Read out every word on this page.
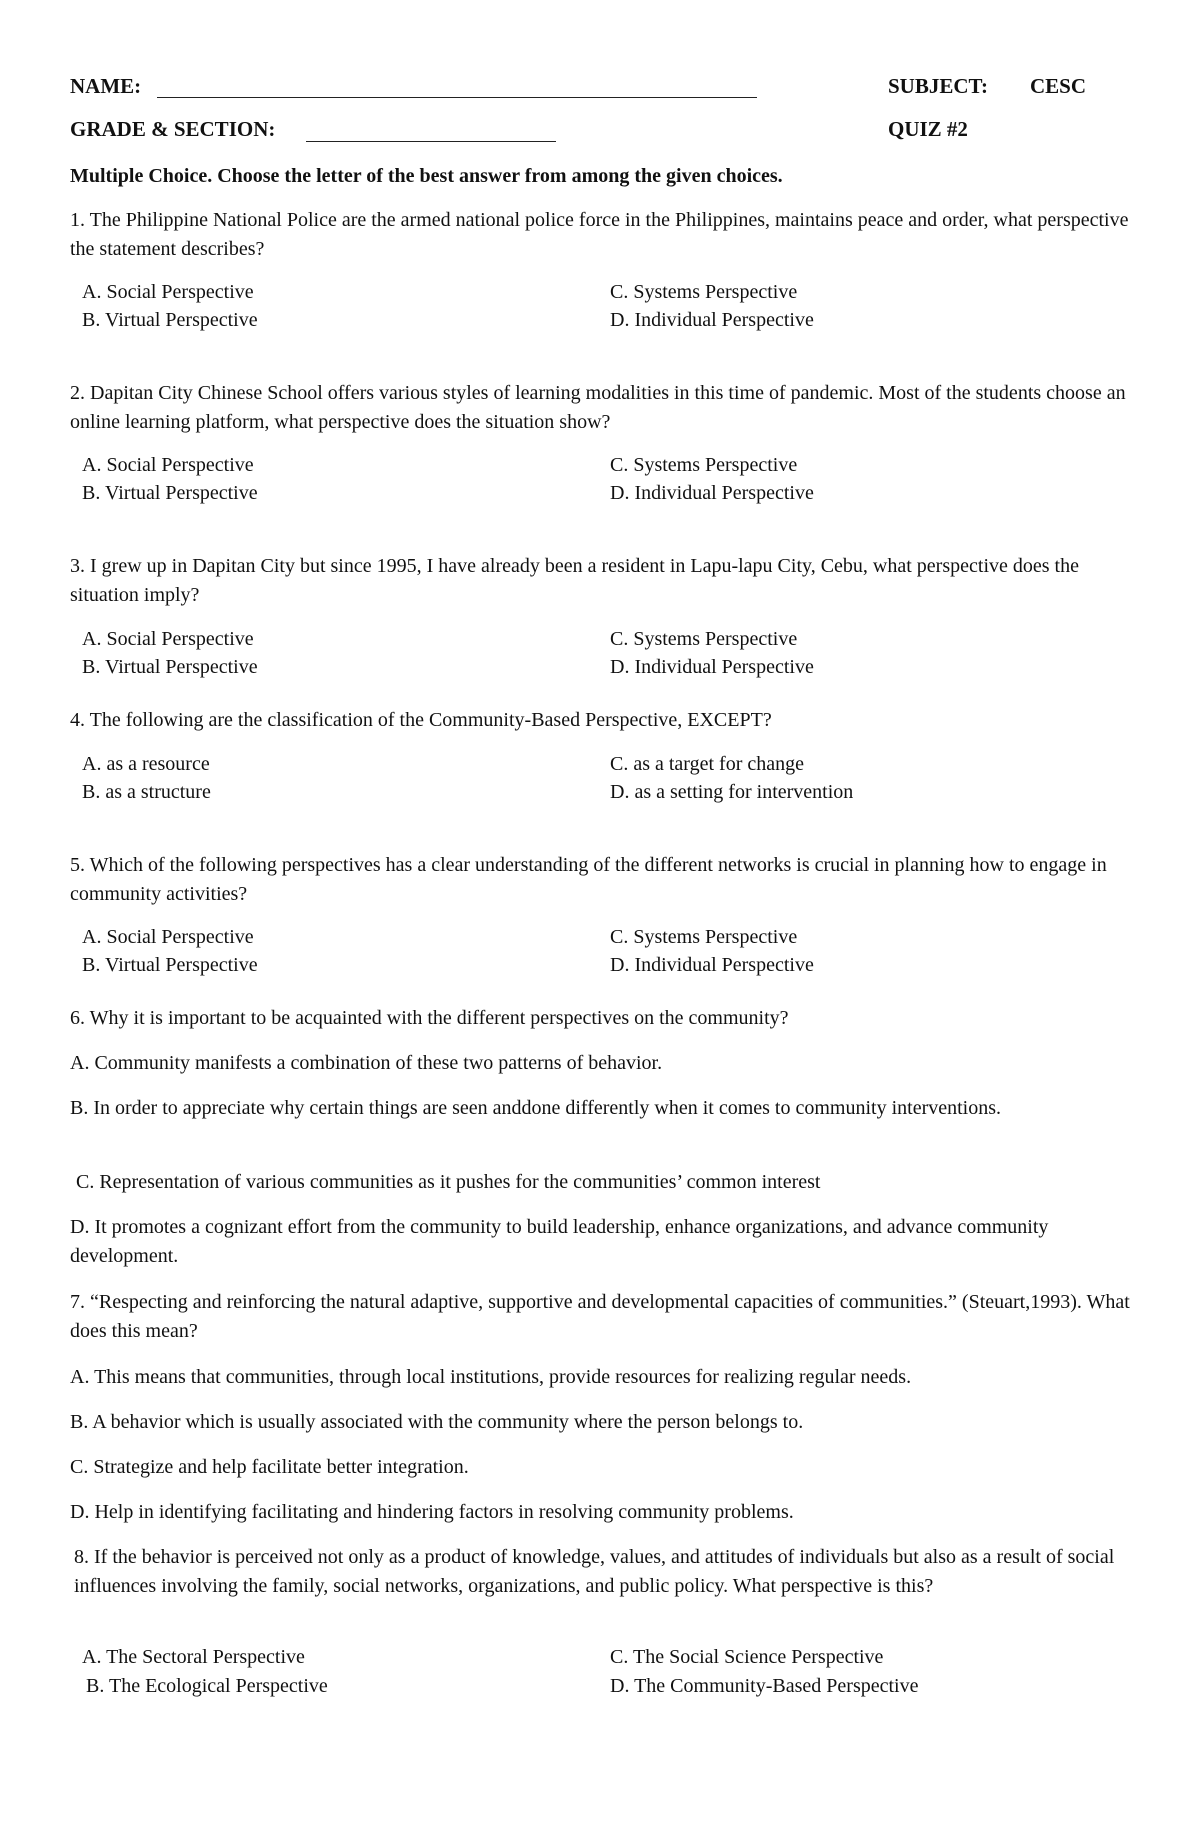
NAME:	SUBJECT: CESC
GRADE & SECTION:	QUIZ #2
Multiple Choice. Choose the letter of the best answer from among the given choices.
1. The Philippine National Police are the armed national police force in the Philippines, maintains peace and order, what perspective the statement describes?
A. Social Perspective
B. Virtual Perspective
C. Systems Perspective
D. Individual Perspective
2. Dapitan City Chinese School offers various styles of learning modalities in this time of pandemic. Most of the students choose an online learning platform, what perspective does the situation show?
A. Social Perspective
B. Virtual Perspective
C. Systems Perspective
D. Individual Perspective
3. I grew up in Dapitan City but since 1995, I have already been a resident in Lapu-lapu City, Cebu, what perspective does the situation imply?
A. Social Perspective
B. Virtual Perspective
C. Systems Perspective
D. Individual Perspective
4. The following are the classification of the Community-Based Perspective, EXCEPT?
A. as a resource
B. as a structure
C. as a target for change
D. as a setting for intervention
5. Which of the following perspectives has a clear understanding of the different networks is crucial in planning how to engage in community activities?
A. Social Perspective
B. Virtual Perspective
C. Systems Perspective
D. Individual Perspective
6. Why it is important to be acquainted with the different perspectives on the community?
A. Community manifests a combination of these two patterns of behavior.
B. In order to appreciate why certain things are seen anddone differently when it comes to community interventions.
C. Representation of various communities as it pushes for the communities’ common interest
D. It promotes a cognizant effort from the community to build leadership, enhance organizations, and advance community development.
7. “Respecting and reinforcing the natural adaptive, supportive and developmental capacities of communities.” (Steuart,1993). What does this mean?
A. This means that communities, through local institutions, provide resources for realizing regular needs.
B. A behavior which is usually associated with the community where the person belongs to.
C. Strategize and help facilitate better integration.
D. Help in identifying facilitating and hindering factors in resolving community problems.
8. If the behavior is perceived not only as a product of knowledge, values, and attitudes of individuals but also as a result of social influences involving the family, social networks, organizations, and public policy. What perspective is this?
A. The Sectoral Perspective
B. The Ecological Perspective
C. The Social Science Perspective
D. The Community-Based Perspective
